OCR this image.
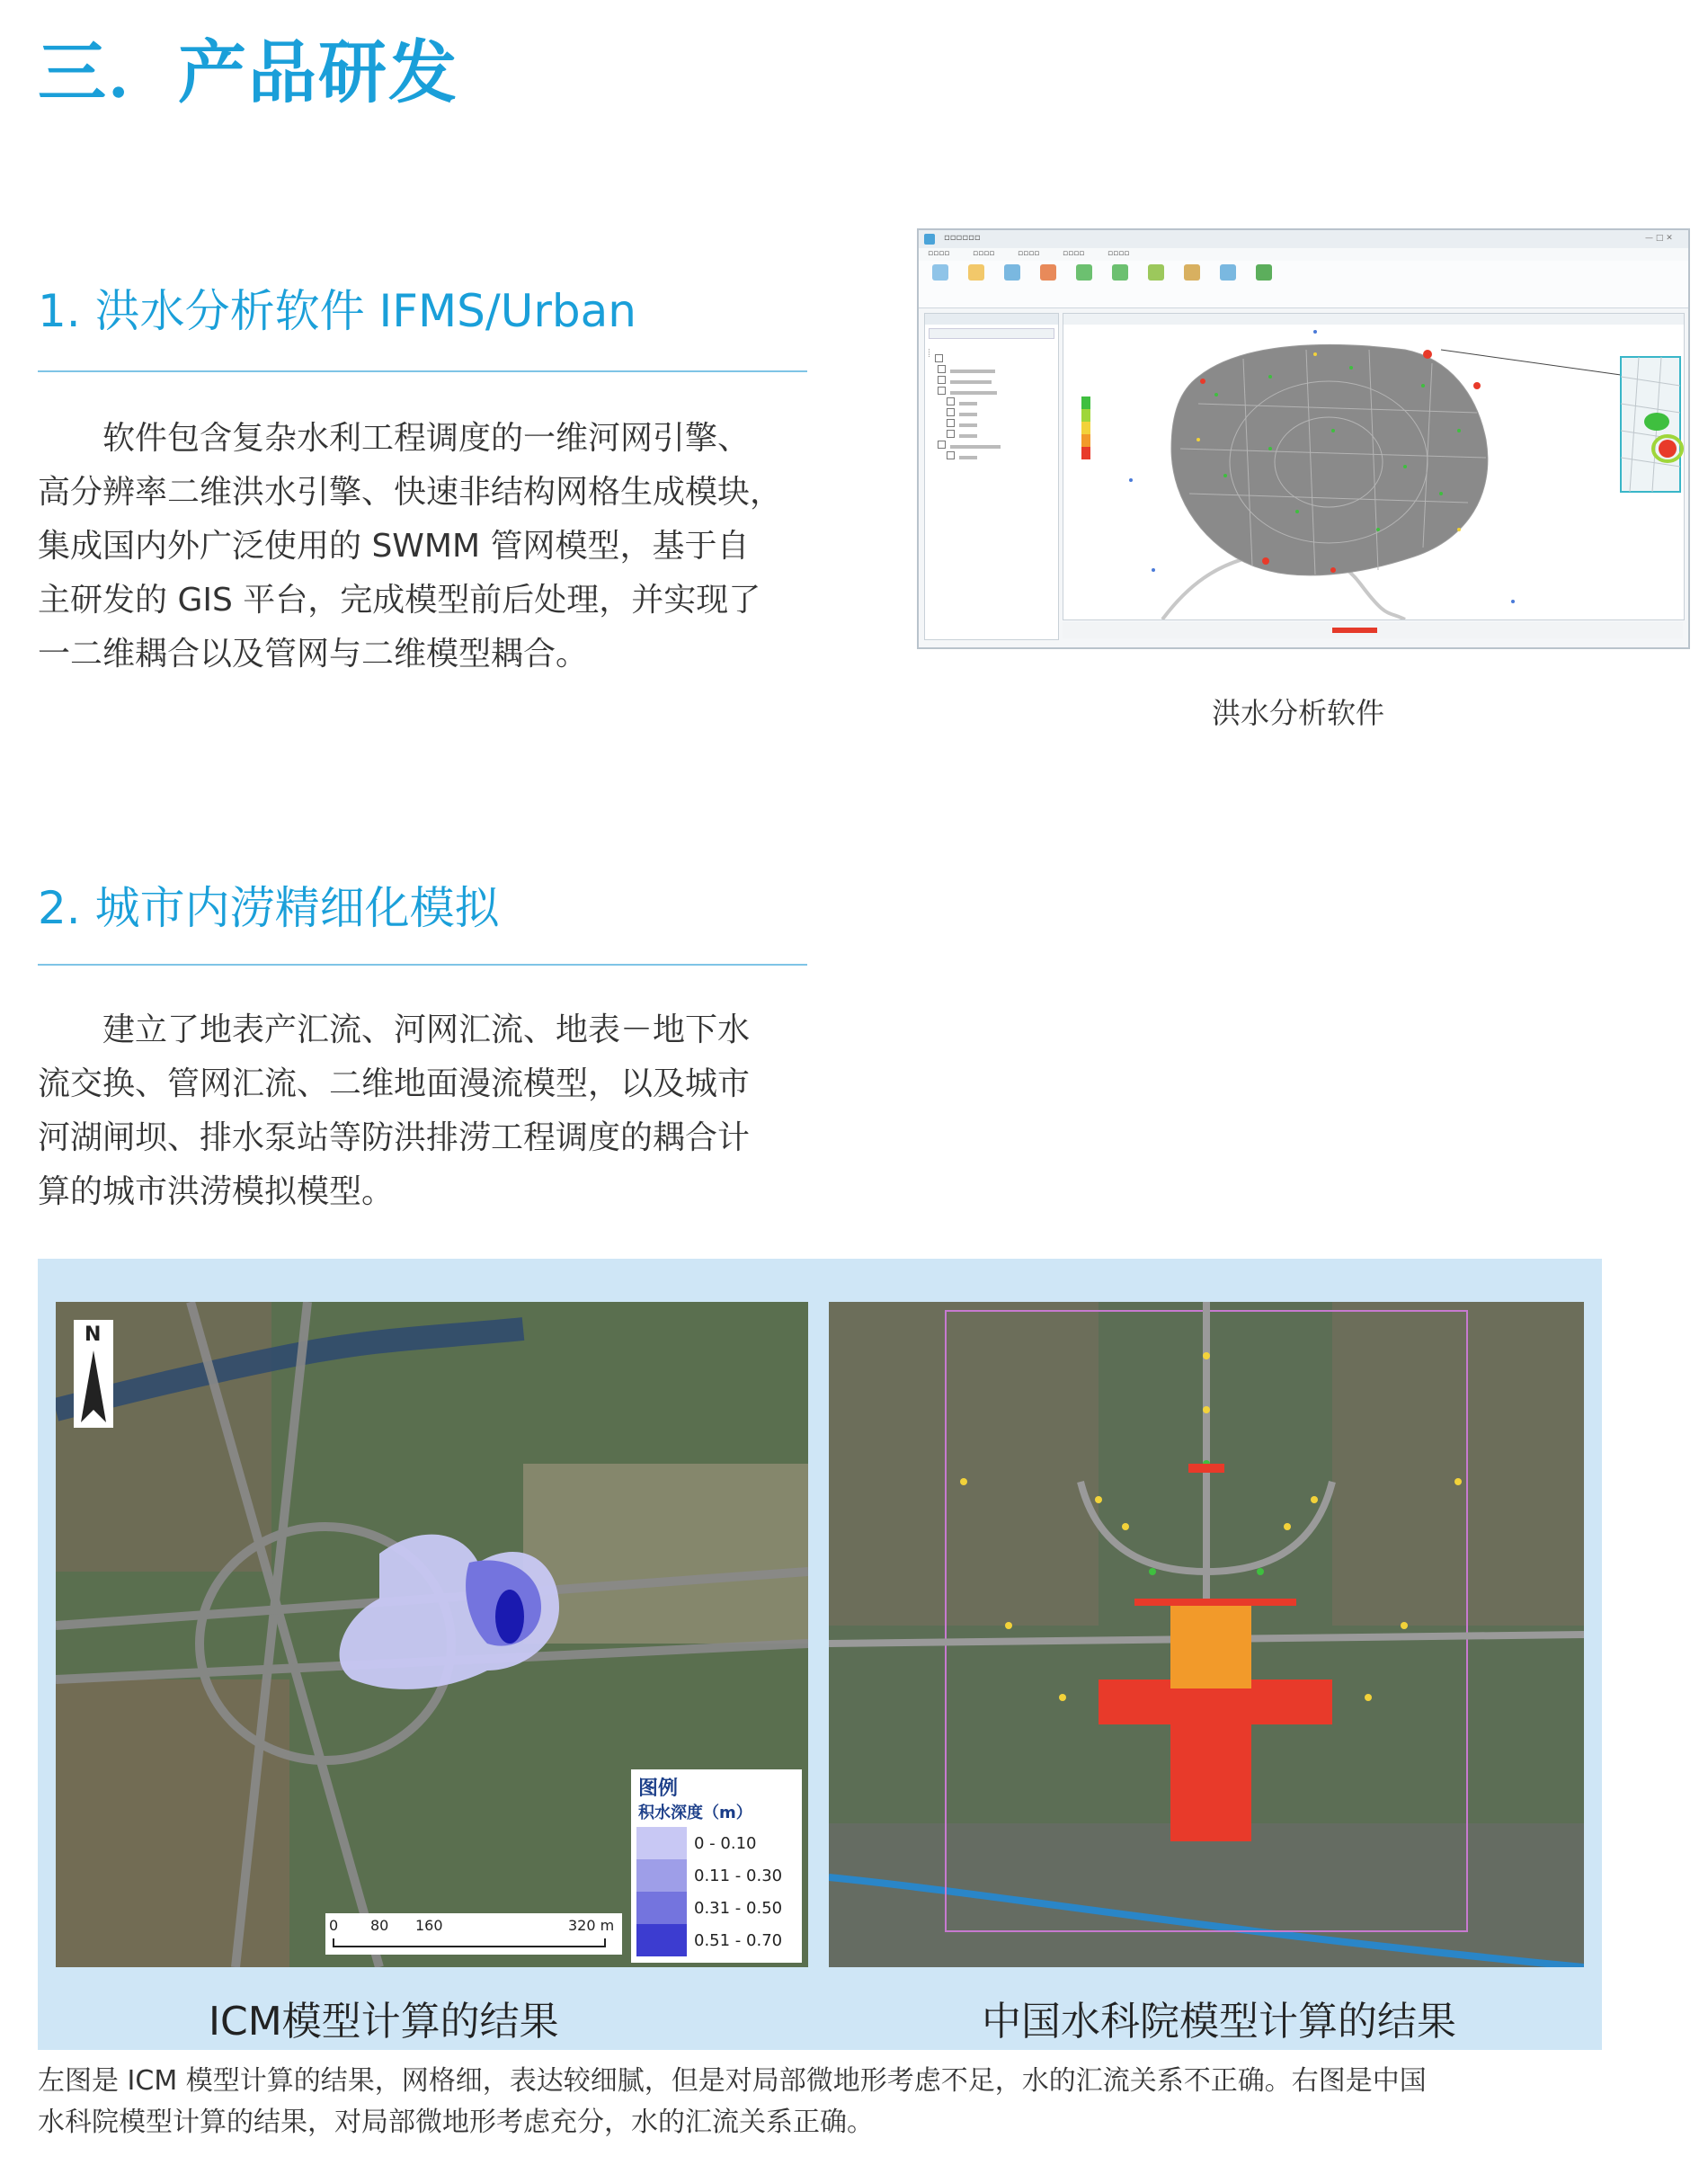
三．产品研发
1. 洪水分析软件 IFMS/Urban
软件包含复杂水利工程调度的一维河网引擎、
高分辨率二维洪水引擎、快速非结构网格生成模块，
集成国内外广泛使用的 SWMM 管网模型，基于自
主研发的 GIS 平台，完成模型前后处理，并实现了
一二维耦合以及管网与二维模型耦合。
▫▫▫▫▫▫	— □ ✕
▫▫▫▫	▫▫▫▫	▫▫▫▫	▫▫▫▫	▫▫▫▫

洪水分析软件
2. 城市内涝精细化模拟
建立了地表产汇流、河网汇流、地表－地下水
流交换、管网汇流、二维地面漫流模型，以及城市
河湖闸坝、排水泵站等防洪排涝工程调度的耦合计
算的城市洪涝模拟模型。
N
图例
积水深度（m）
0 - 0.10
0.11 - 0.30
0.31 - 0.50
0.51 - 0.70
0 80 160	320 m
ICM模型计算的结果	中国水科院模型计算的结果
左图是 ICM 模型计算的结果，网格细，表达较细腻，但是对局部微地形考虑不足，水的汇流关系不正确。右图是中国
水科院模型计算的结果，对局部微地形考虑充分，水的汇流关系正确。
